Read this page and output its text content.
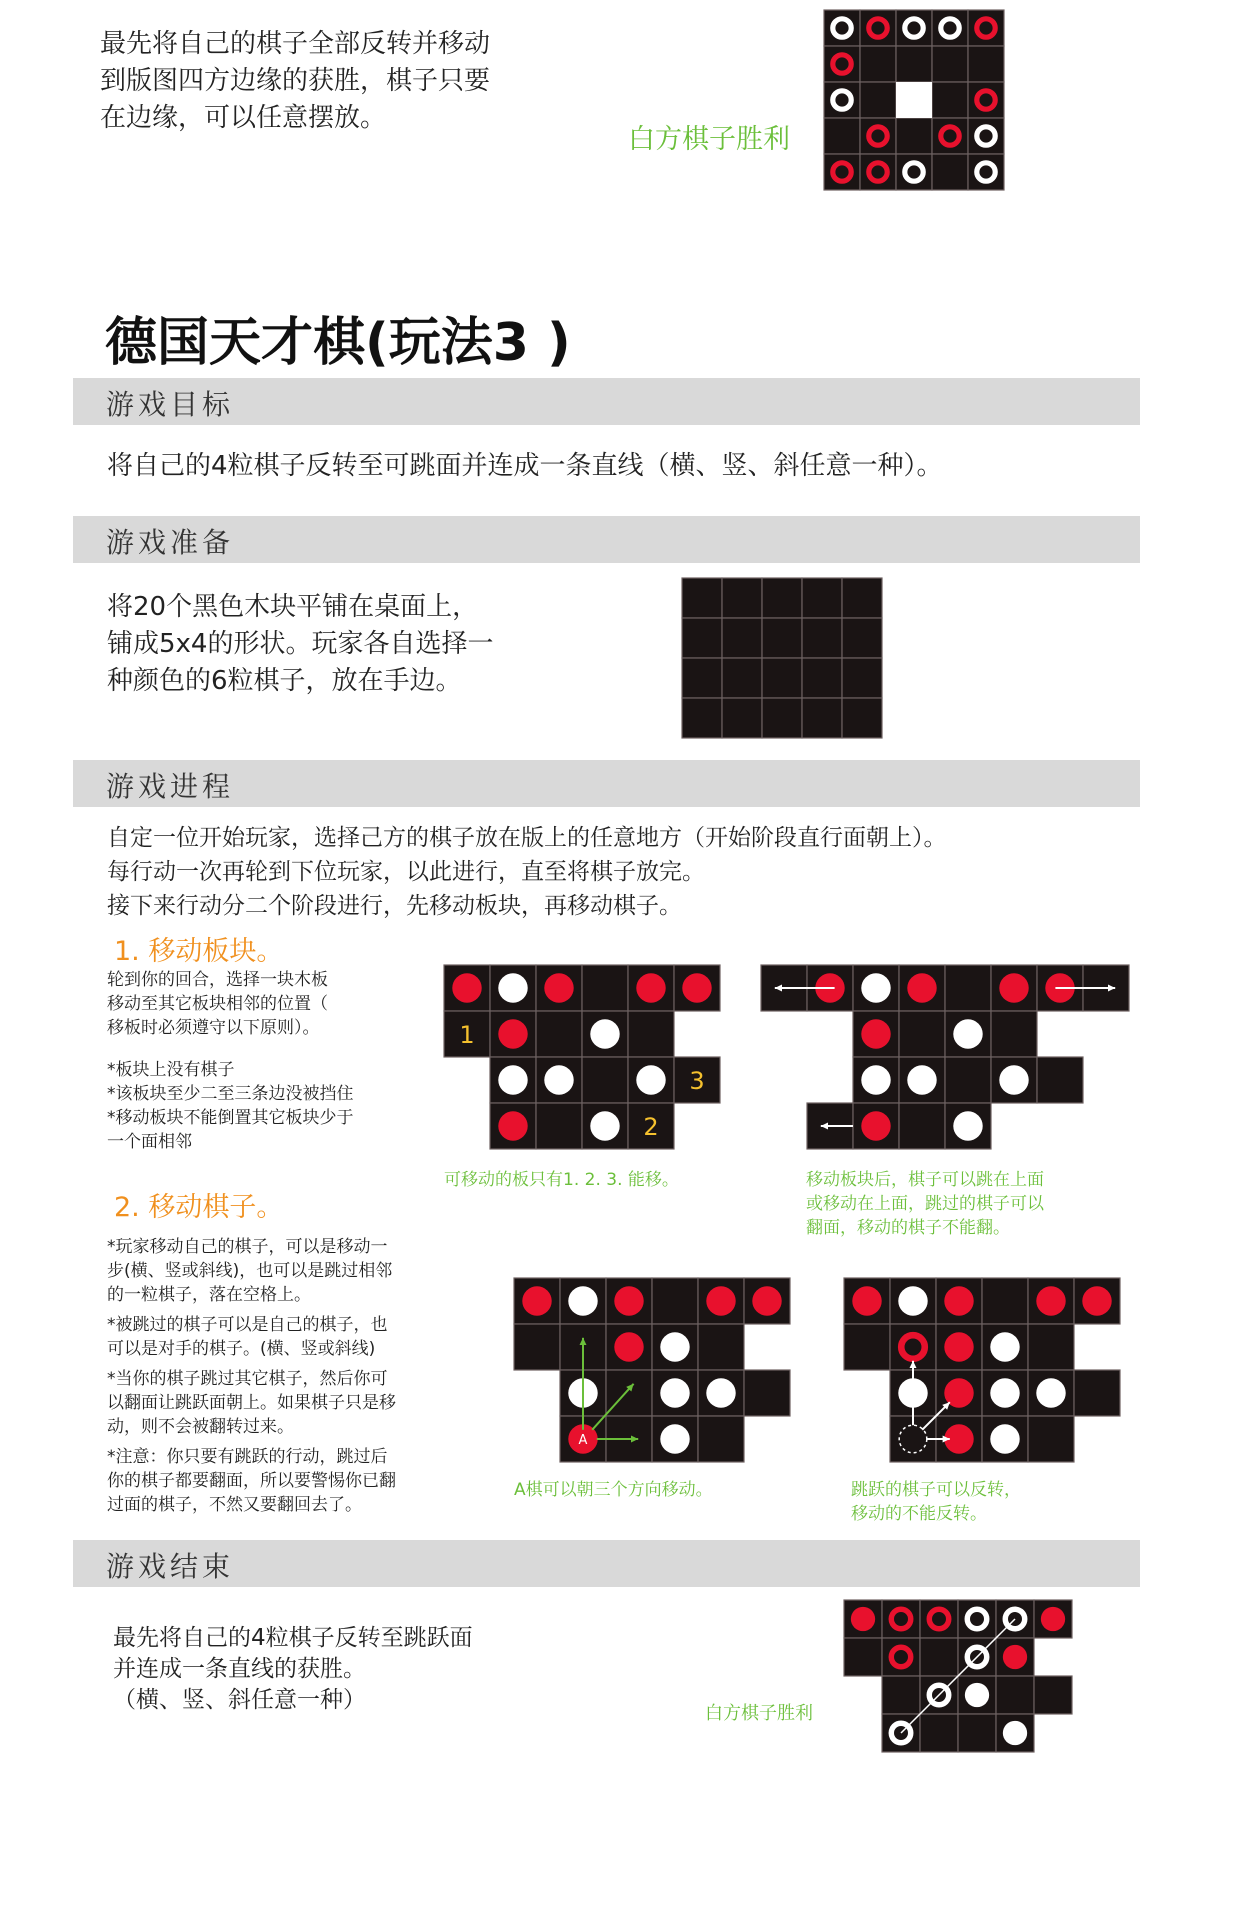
最先将自己的棋子全部反转并移动
到版图四方边缘的获胜，棋子只要
在边缘，可以任意摆放。
白方棋子胜利
德国天才棋(玩法3 )
游戏目标
将自己的4粒棋子反转至可跳面并连成一条直线（横、竖、斜任意一种）。
游戏准备
将20个黑色木块平铺在桌面上，
铺成5x4的形状。玩家各自选择一
种颜色的6粒棋子，放在手边。
游戏进程
自定一位开始玩家，选择己方的棋子放在版上的任意地方（开始阶段直行面朝上）。
每行动一次再轮到下位玩家，以此进行，直至将棋子放完。
接下来行动分二个阶段进行，先移动板块，再移动棋子。
1. 移动板块。
轮到你的回合，选择一块木板
移动至其它板块相邻的位置（
移板时必须遵守以下原则）。
*板块上没有棋子
*该板块至少二至三条边没被挡住
*移动板块不能倒置其它板块少于
一个面相邻
1
2
3
可移动的板只有1. 2. 3. 能移。	移动板块后，棋子可以跳在上面
或移动在上面，跳过的棋子可以
翻面，移动的棋子不能翻。
2. 移动棋子。
*玩家移动自己的棋子，可以是移动一
步(横、竖或斜线)，也可以是跳过相邻
的一粒棋子，落在空格上。
*被跳过的棋子可以是自己的棋子，也
可以是对手的棋子。(横、竖或斜线)
*当你的棋子跳过其它棋子，然后你可
以翻面让跳跃面朝上。如果棋子只是移
动，则不会被翻转过来。
*注意：你只要有跳跃的行动，跳过后
你的棋子都要翻面，所以要警惕你已翻
过面的棋子，不然又要翻回去了。
A
A棋可以朝三个方向移动。	跳跃的棋子可以反转，
移动的不能反转。
游戏结束
最先将自己的4粒棋子反转至跳跃面
并连成一条直线的获胜。
（横、竖、斜任意一种）
白方棋子胜利
